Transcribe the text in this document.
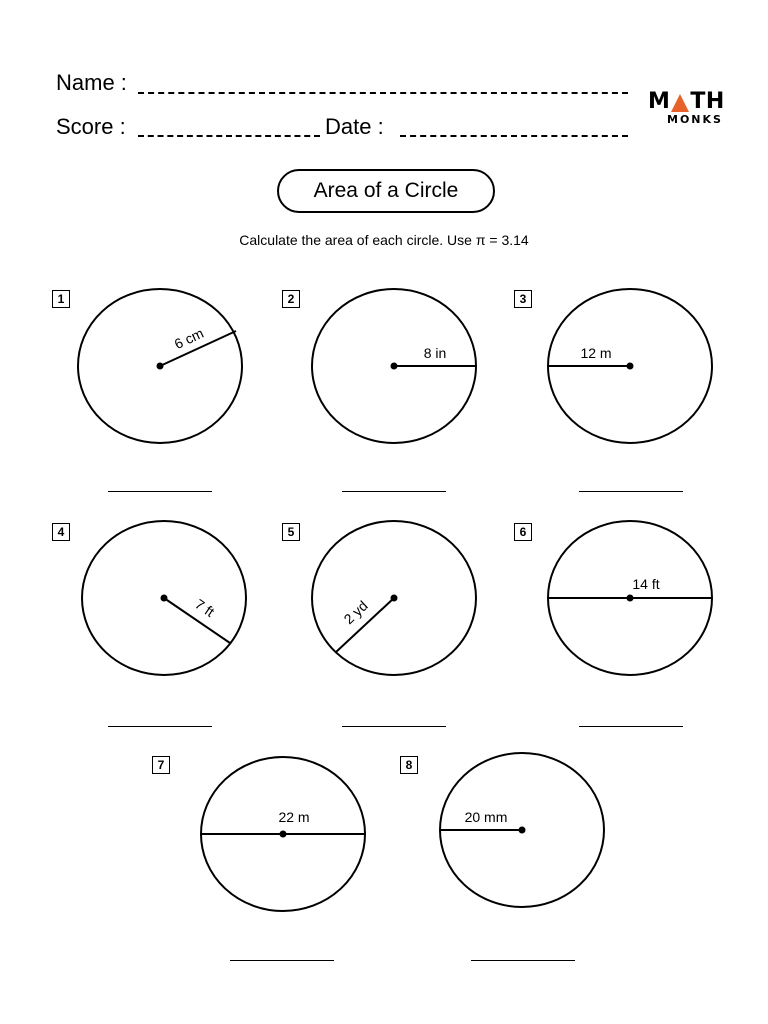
Name :
Score :	Date :
M TH
MONKS
Area of a Circle
Calculate the area of each circle. Use π = 3.14
1	2	3
4	5	6
7	8
6 cm
8 in	12 m
7 ft	2 yd
14 ft
22 m	20 mm
